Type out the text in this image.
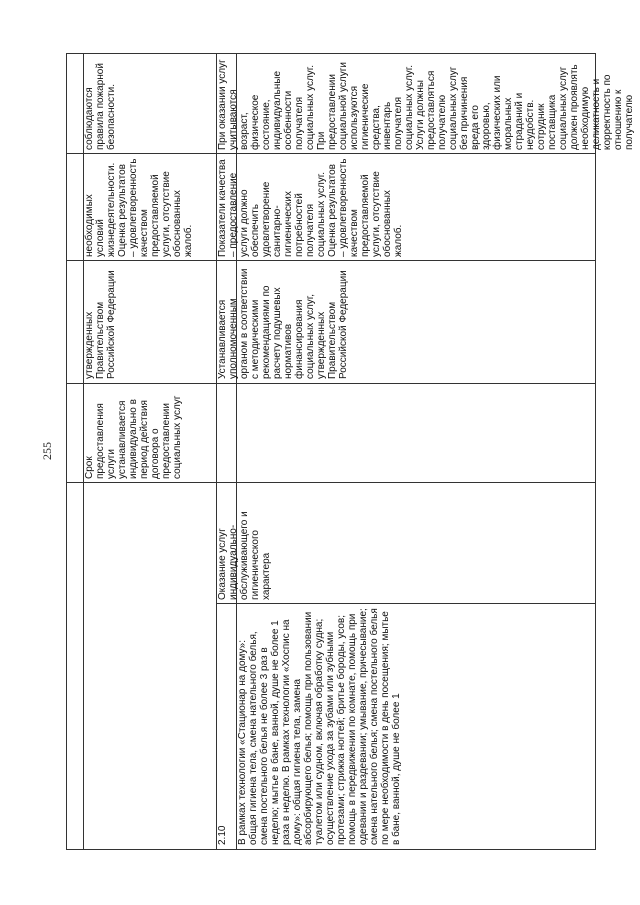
255

утвержденных Правительством Российской Федерации

необходимых условий жизнедеятельности. Оценка результатов – удовлетворенность качеством предоставляемой услуги, отсутствие обоснованных жалоб.

соблюдаются правила пожарной безопасности.

2.10 В рамках технологии «Стационар на дому»: общая гигиена тела, смена нательного белья, смена постельного белья не более 3 раз в неделю; мытье в бане, ванной, душе не более 1 раза в неделю. В рамках технологии «Хоспис на дому»: общая гигиена тела, замена абсорбирующего белья; помощь при пользовании туалетом или судном, включая обработку судна; осуществление ухода за зубами или зубными протезами; стрижка ногтей; бритье бороды, усов; помощь в передвижении по комнате, помощь при одевании и раздевании; умывание, причесывание; смена нательного белья; смена постельного белья по мере необходимости в день посещения; мытье в бане, ванной, душе не более 1

Оказание услуг индивидуально-обслуживающего и гигиенического характера

Срок предоставления услуги устанавливается индивидуально в период действия договора о предоставлении социальных услуг

Устанавливается уполномоченным органом в соответствии с методическими рекомендациями по расчету подушевых нормативов финансирования социальных услуг, утвержденных Правительством Российской Федерации

Показатели качества – предоставление услуги должно обеспечить удовлетворение санитарно-гигиенических потребностей получателя социальных услуг. Оценка результатов – удовлетворенность качеством предоставляемой услуги, отсутствие обоснованных жалоб.

При оказании услуг учитываются возраст, физическое состояние, индивидуальные особенности получателя социальных услуг. При предоставлении социальной услуги используются гигиенические средства, инвентарь получателя социальных услуг. Услуги должны предоставляться получателю социальных услуг без причинения вреда его здоровью, физических или моральных страданий и неудобств. сотрудник поставщика социальных услуг должен проявлять необходимую деликатность и корректность по отношению к получателю
